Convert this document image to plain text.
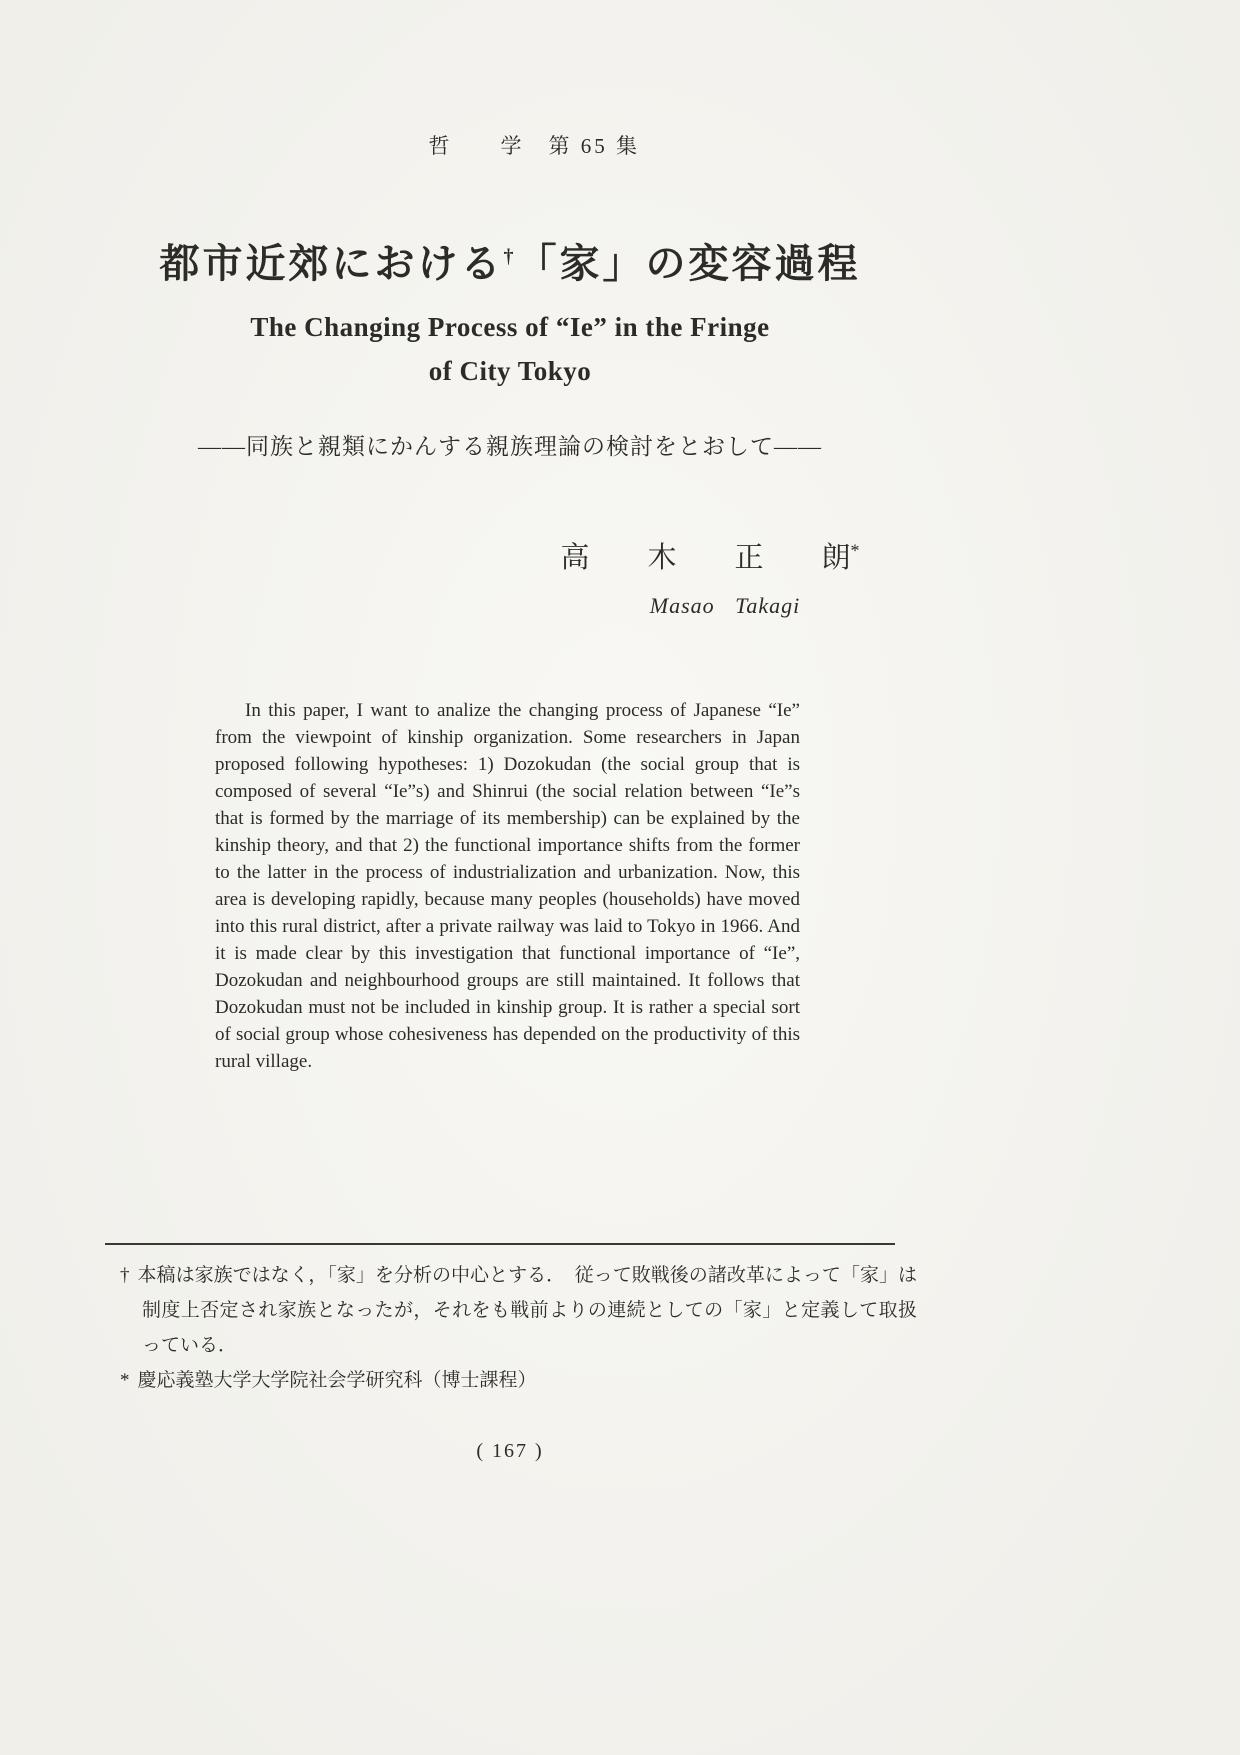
哲　　学　第 65 集
都市近郊における†「家」の変容過程
The Changing Process of “Ie” in the Fringe
of City Tokyo
——同族と親類にかんする親族理論の検討をとおして——
高　　木　　正　　朗*
Masao Takagi
In this paper, I want to analize the changing process of Japanese “Ie” from the viewpoint of kinship organization. Some researchers in Japan proposed following hypotheses: 1) Dozokudan (the social group that is composed of several “Ie”s) and Shinrui (the social relation between “Ie”s that is formed by the marriage of its membership) can be explained by the kinship theory, and that 2) the functional importance shifts from the former to the latter in the process of industrialization and urbanization. Now, this area is developing rapidly, because many peoples (households) have moved into this rural district, after a private railway was laid to Tokyo in 1966. And it is made clear by this investigation that functional importance of “Ie”, Dozokudan and neighbourhood groups are still maintained. It follows that Dozokudan must not be included in kinship group. It is rather a special sort of social group whose cohesiveness has depended on the productivity of this rural village.
† 本稿は家族ではなく，「家」を分析の中心とする．　従って敗戦後の諸改革によって「家」は制度上否定され家族となったが，それをも戦前よりの連続としての「家」と定義して取扱っている．
* 慶応義塾大学大学院社会学研究科（博士課程）
( 167 )
